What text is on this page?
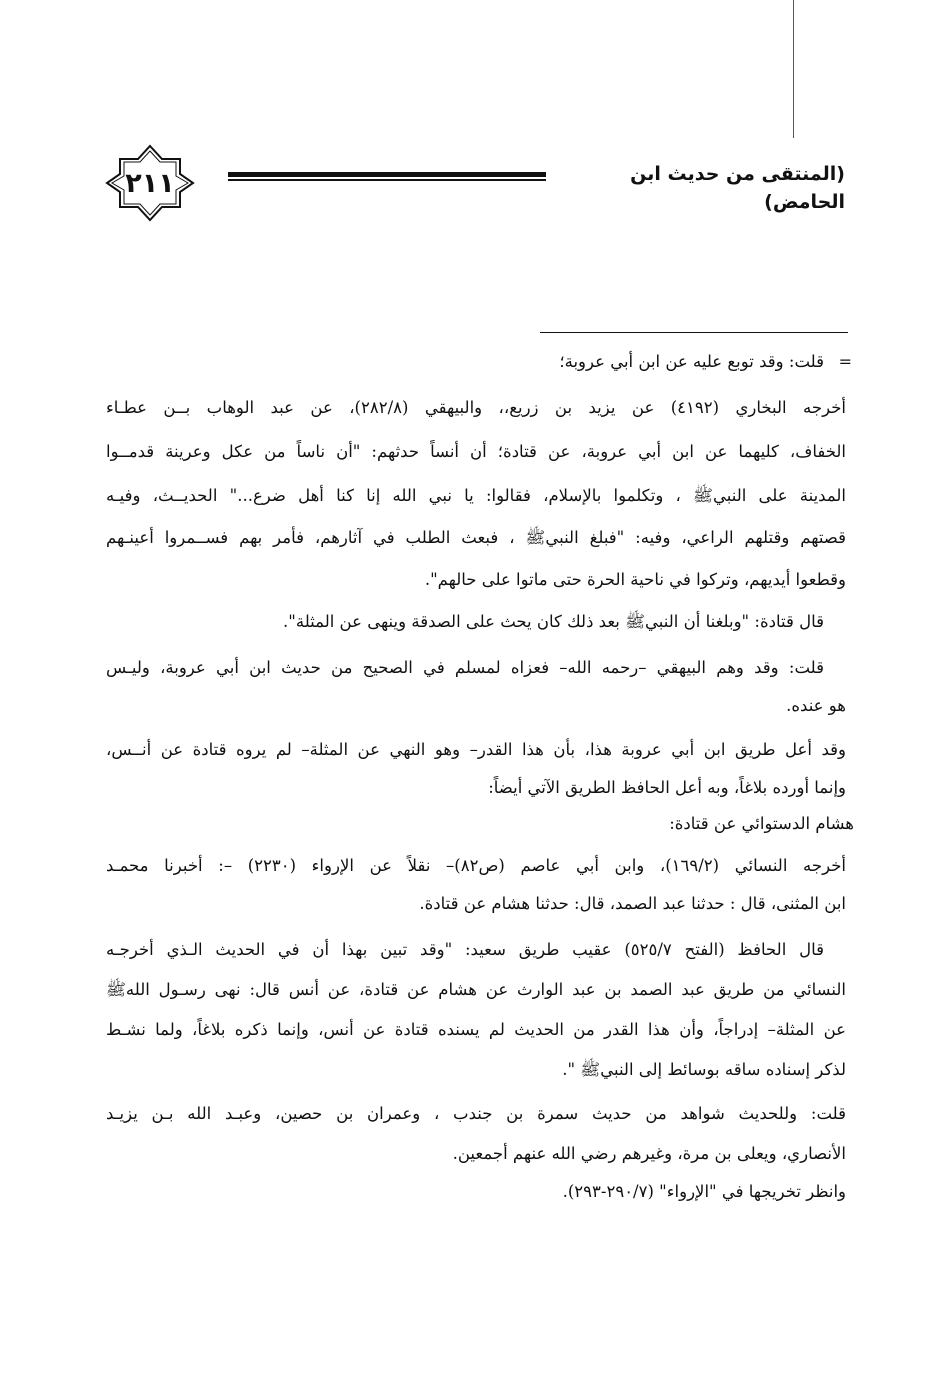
٢١١	(المنتقى من حديث ابن الحامض)
=
قلت: وقد توبع عليه عن ابن أبي عروبة؛
أخرجه البخاري (٤١٩٢) عن يزيد بن زريع،، والبيهقي (٢٨٢/٨)، عن عبد الوهاب بــن عطـاء
الخفاف، كليهما عن ابن أبي عروبة، عن قتادة؛ أن أنساً حدثهم: "أن ناساً من عكل وعرينة قدمــوا
المدينة على النبيﷺ ، وتكلموا بالإسلام، فقالوا: يا نبي الله إنا كنا أهل ضرع..." الحديــث، وفيـه
قصتهم وقتلهم الراعي، وفيه: "فبلغ النبيﷺ ، فبعث الطلب في آثارهم، فأمر بهم فســمروا أعينـهم
وقطعوا أيديهم، وتركوا في ناحية الحرة حتى ماتوا على حالهم".
قال قتادة: "وبلغنا أن النبيﷺ بعد ذلك كان يحث على الصدقة وينهى عن المثلة".
قلت: وقد وهم البيهقي –رحمه الله– فعزاه لمسلم في الصحيح من حديث ابن أبي عروبة، وليـس
هو عنده.
وقد أعل طريق ابن أبي عروبة هذا، بأن هذا القدر– وهو النهي عن المثلة– لم يروه قتادة عن أنــس،
وإنما أورده بلاغاً، وبه أعل الحافظ الطريق الآتي أيضاً:
هشام الدستوائي عن قتادة:
أخرجه النسائي (١٦٩/٢)، وابن أبي عاصم (ص٨٢)– نقلاً عن الإرواء (٢٢٣٠) –: أخبرنا محمـد
ابن المثنى، قال : حدثنا عبد الصمد، قال: حدثنا هشام عن قتادة.
قال الحافظ (الفتح ٥٢٥/٧) عقيب طريق سعيد: "وقد تبين بهذا أن في الحديث الـذي أخرجـه
النسائي من طريق عبد الصمد بن عبد الوارث عن هشام عن قتادة، عن أنس قال: نهى رسـول اللهﷺ
عن المثلة– إدراجاً، وأن هذا القدر من الحديث لم يسنده قتادة عن أنس، وإنما ذكره بلاغاً، ولما نشـط
لذكر إسناده ساقه بوسائط إلى النبيﷺ ".
قلت: وللحديث شواهد من حديث سمرة بن جندب ، وعمران بن حصين، وعبـد الله بـن يزيـد
الأنصاري، ويعلى بن مرة، وغيرهم رضي الله عنهم أجمعين.
وانظر تخريجها في "الإرواء" (٢٩٠/٧-٢٩٣).
